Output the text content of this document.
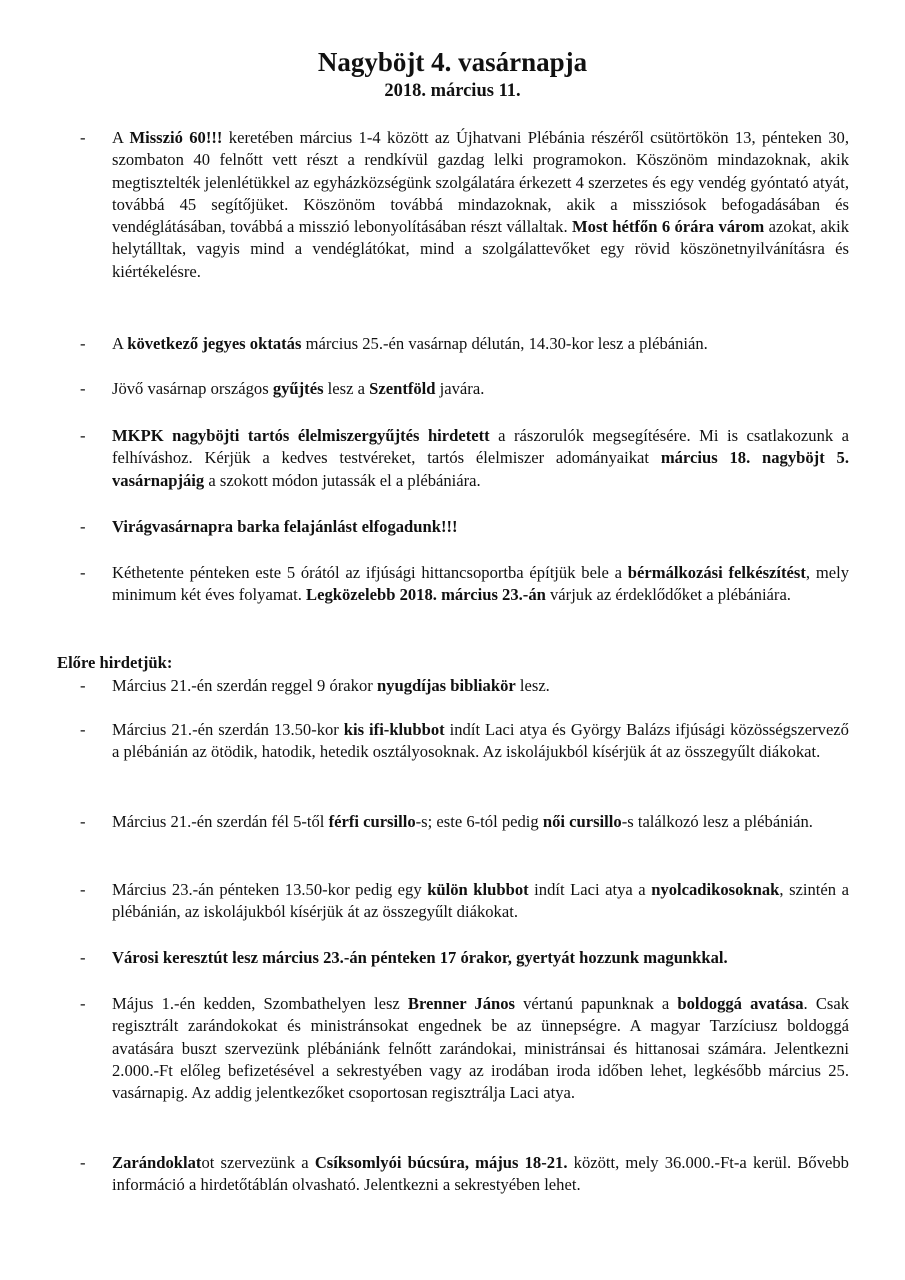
Nagyböjt 4. vasárnapja
2018. március 11.
-	A Misszió 60!!! keretében március 1-4 között az Újhatvani Plébánia részéről csütörtökön 13, pénteken 30, szombaton 40 felnőtt vett részt a rendkívül gazdag lelki programokon. Köszönöm mindazoknak, akik megtisztelték jelenlétükkel az egyházközségünk szolgálatára érkezett 4 szerzetes és egy vendég gyóntató atyát, továbbá 45 segítőjüket. Köszönöm továbbá mindazoknak, akik a missziósok befogadásában és vendéglátásában, továbbá a misszió lebonyolításában részt vállaltak. Most hétfőn 6 órára várom azokat, akik helytálltak, vagyis mind a vendéglátókat, mind a szolgálattevőket egy rövid köszönetnyilvánításra és kiértékelésre.
-	A következő jegyes oktatás március 25.-én vasárnap délután, 14.30-kor lesz a plébánián.
-	Jövő vasárnap országos gyűjtés lesz a Szentföld javára.
-	MKPK nagyböjti tartós élelmiszergyűjtés hirdetett a rászorulók megsegítésére. Mi is csatlakozunk a felhíváshoz. Kérjük a kedves testvéreket, tartós élelmiszer adományaikat március 18. nagyböjt 5. vasárnapjáig a szokott módon jutassák el a plébániára.
-	Virágvasárnapra barka felajánlást elfogadunk!!!
-	Kéthetente pénteken este 5 órától az ifjúsági hittancsoportba építjük bele a bérmálkozási felkészítést, mely minimum két éves folyamat. Legközelebb 2018. március 23.-án várjuk az érdeklődőket a plébániára.
Előre hirdetjük:
-	Március 21.-én szerdán reggel 9 órakor nyugdíjas bibliakör lesz.
-	Március 21.-én szerdán 13.50-kor kis ifi-klubbot indít Laci atya és György Balázs ifjúsági közösségszervező a plébánián az ötödik, hatodik, hetedik osztályosoknak. Az iskolájukból kísérjük át az összegyűlt diákokat.
-	Március 21.-én szerdán fél 5-től férfi cursillo-s; este 6-tól pedig női cursillo-s találkozó lesz a plébánián.
-	Március 23.-án pénteken 13.50-kor pedig egy külön klubbot indít Laci atya a nyolcadikosoknak, szintén a plébánián, az iskolájukból kísérjük át az összegyűlt diákokat.
-	Városi keresztút lesz március 23.-án pénteken 17 órakor, gyertyát hozzunk magunkkal.
-	Május 1.-én kedden, Szombathelyen lesz Brenner János vértanú papunknak a boldoggá avatása. Csak regisztrált zarándokokat és ministránsokat engednek be az ünnepségre. A magyar Tarzíciusz boldoggá avatására buszt szervezünk plébániánk felnőtt zarándokai, ministránsai és hittanosai számára. Jelentkezni 2.000.-Ft előleg befizetésével a sekrestyében vagy az irodában iroda időben lehet, legkésőbb március 25. vasárnapig. Az addig jelentkezőket csoportosan regisztrálja Laci atya.
-	Zarándoklatot szervezünk a Csíksomlyói búcsúra, május 18-21. között, mely 36.000.-Ft-a kerül. Bővebb információ a hirdetőtáblán olvasható. Jelentkezni a sekrestyében lehet.
